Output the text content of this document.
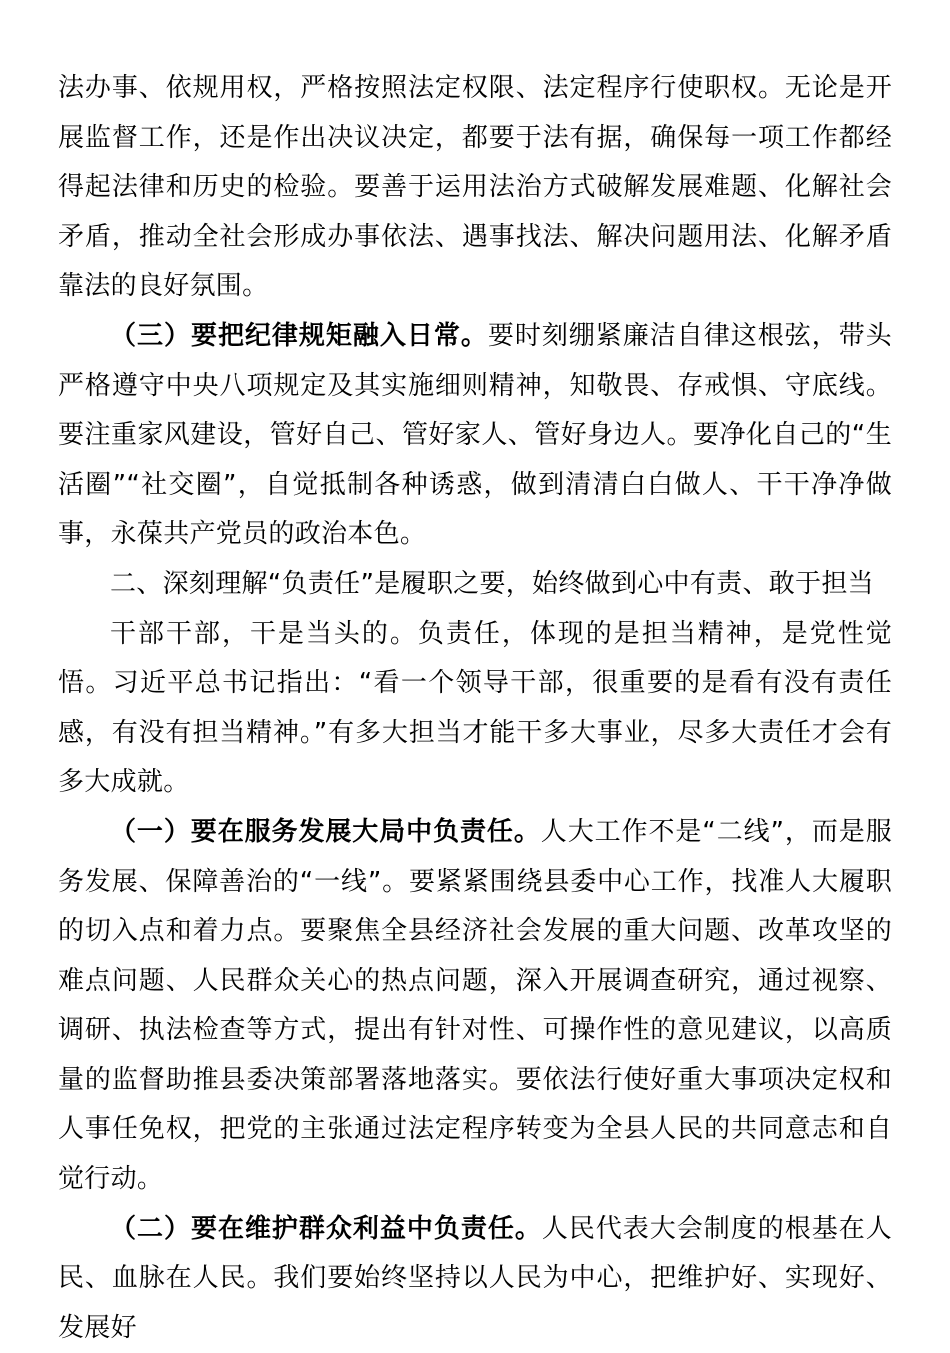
法办事、依规用权，严格按照法定权限、法定程序行使职权。无论是开展监督工作，还是作出决议决定，都要于法有据，确保每一项工作都经得起法律和历史的检验。要善于运用法治方式破解发展难题、化解社会矛盾，推动全社会形成办事依法、遇事找法、解决问题用法、化解矛盾靠法的良好氛围。

（三）要把纪律规矩融入日常。要时刻绷紧廉洁自律这根弦，带头严格遵守中央八项规定及其实施细则精神，知敬畏、存戒惧、守底线。要注重家风建设，管好自己、管好家人、管好身边人。要净化自己的“生活圈”“社交圈”，自觉抵制各种诱惑，做到清清白白做人、干干净净做事，永葆共产党员的政治本色。

二、深刻理解“负责任”是履职之要，始终做到心中有责、敢于担当

干部干部，干是当头的。负责任，体现的是担当精神，是党性觉悟。习近平总书记指出：“看一个领导干部，很重要的是看有没有责任感，有没有担当精神。”有多大担当才能干多大事业，尽多大责任才会有多大成就。

（一）要在服务发展大局中负责任。人大工作不是“二线”，而是服务发展、保障善治的“一线”。要紧紧围绕县委中心工作，找准人大履职的切入点和着力点。要聚焦全县经济社会发展的重大问题、改革攻坚的难点问题、人民群众关心的热点问题，深入开展调查研究，通过视察、调研、执法检查等方式，提出有针对性、可操作性的意见建议，以高质量的监督助推县委决策部署落地落实。要依法行使好重大事项决定权和人事任免权，把党的主张通过法定程序转变为全县人民的共同意志和自觉行动。

（二）要在维护群众利益中负责任。人民代表大会制度的根基在人民、血脉在人民。我们要始终坚持以人民为中心，把维护好、实现好、发展好
